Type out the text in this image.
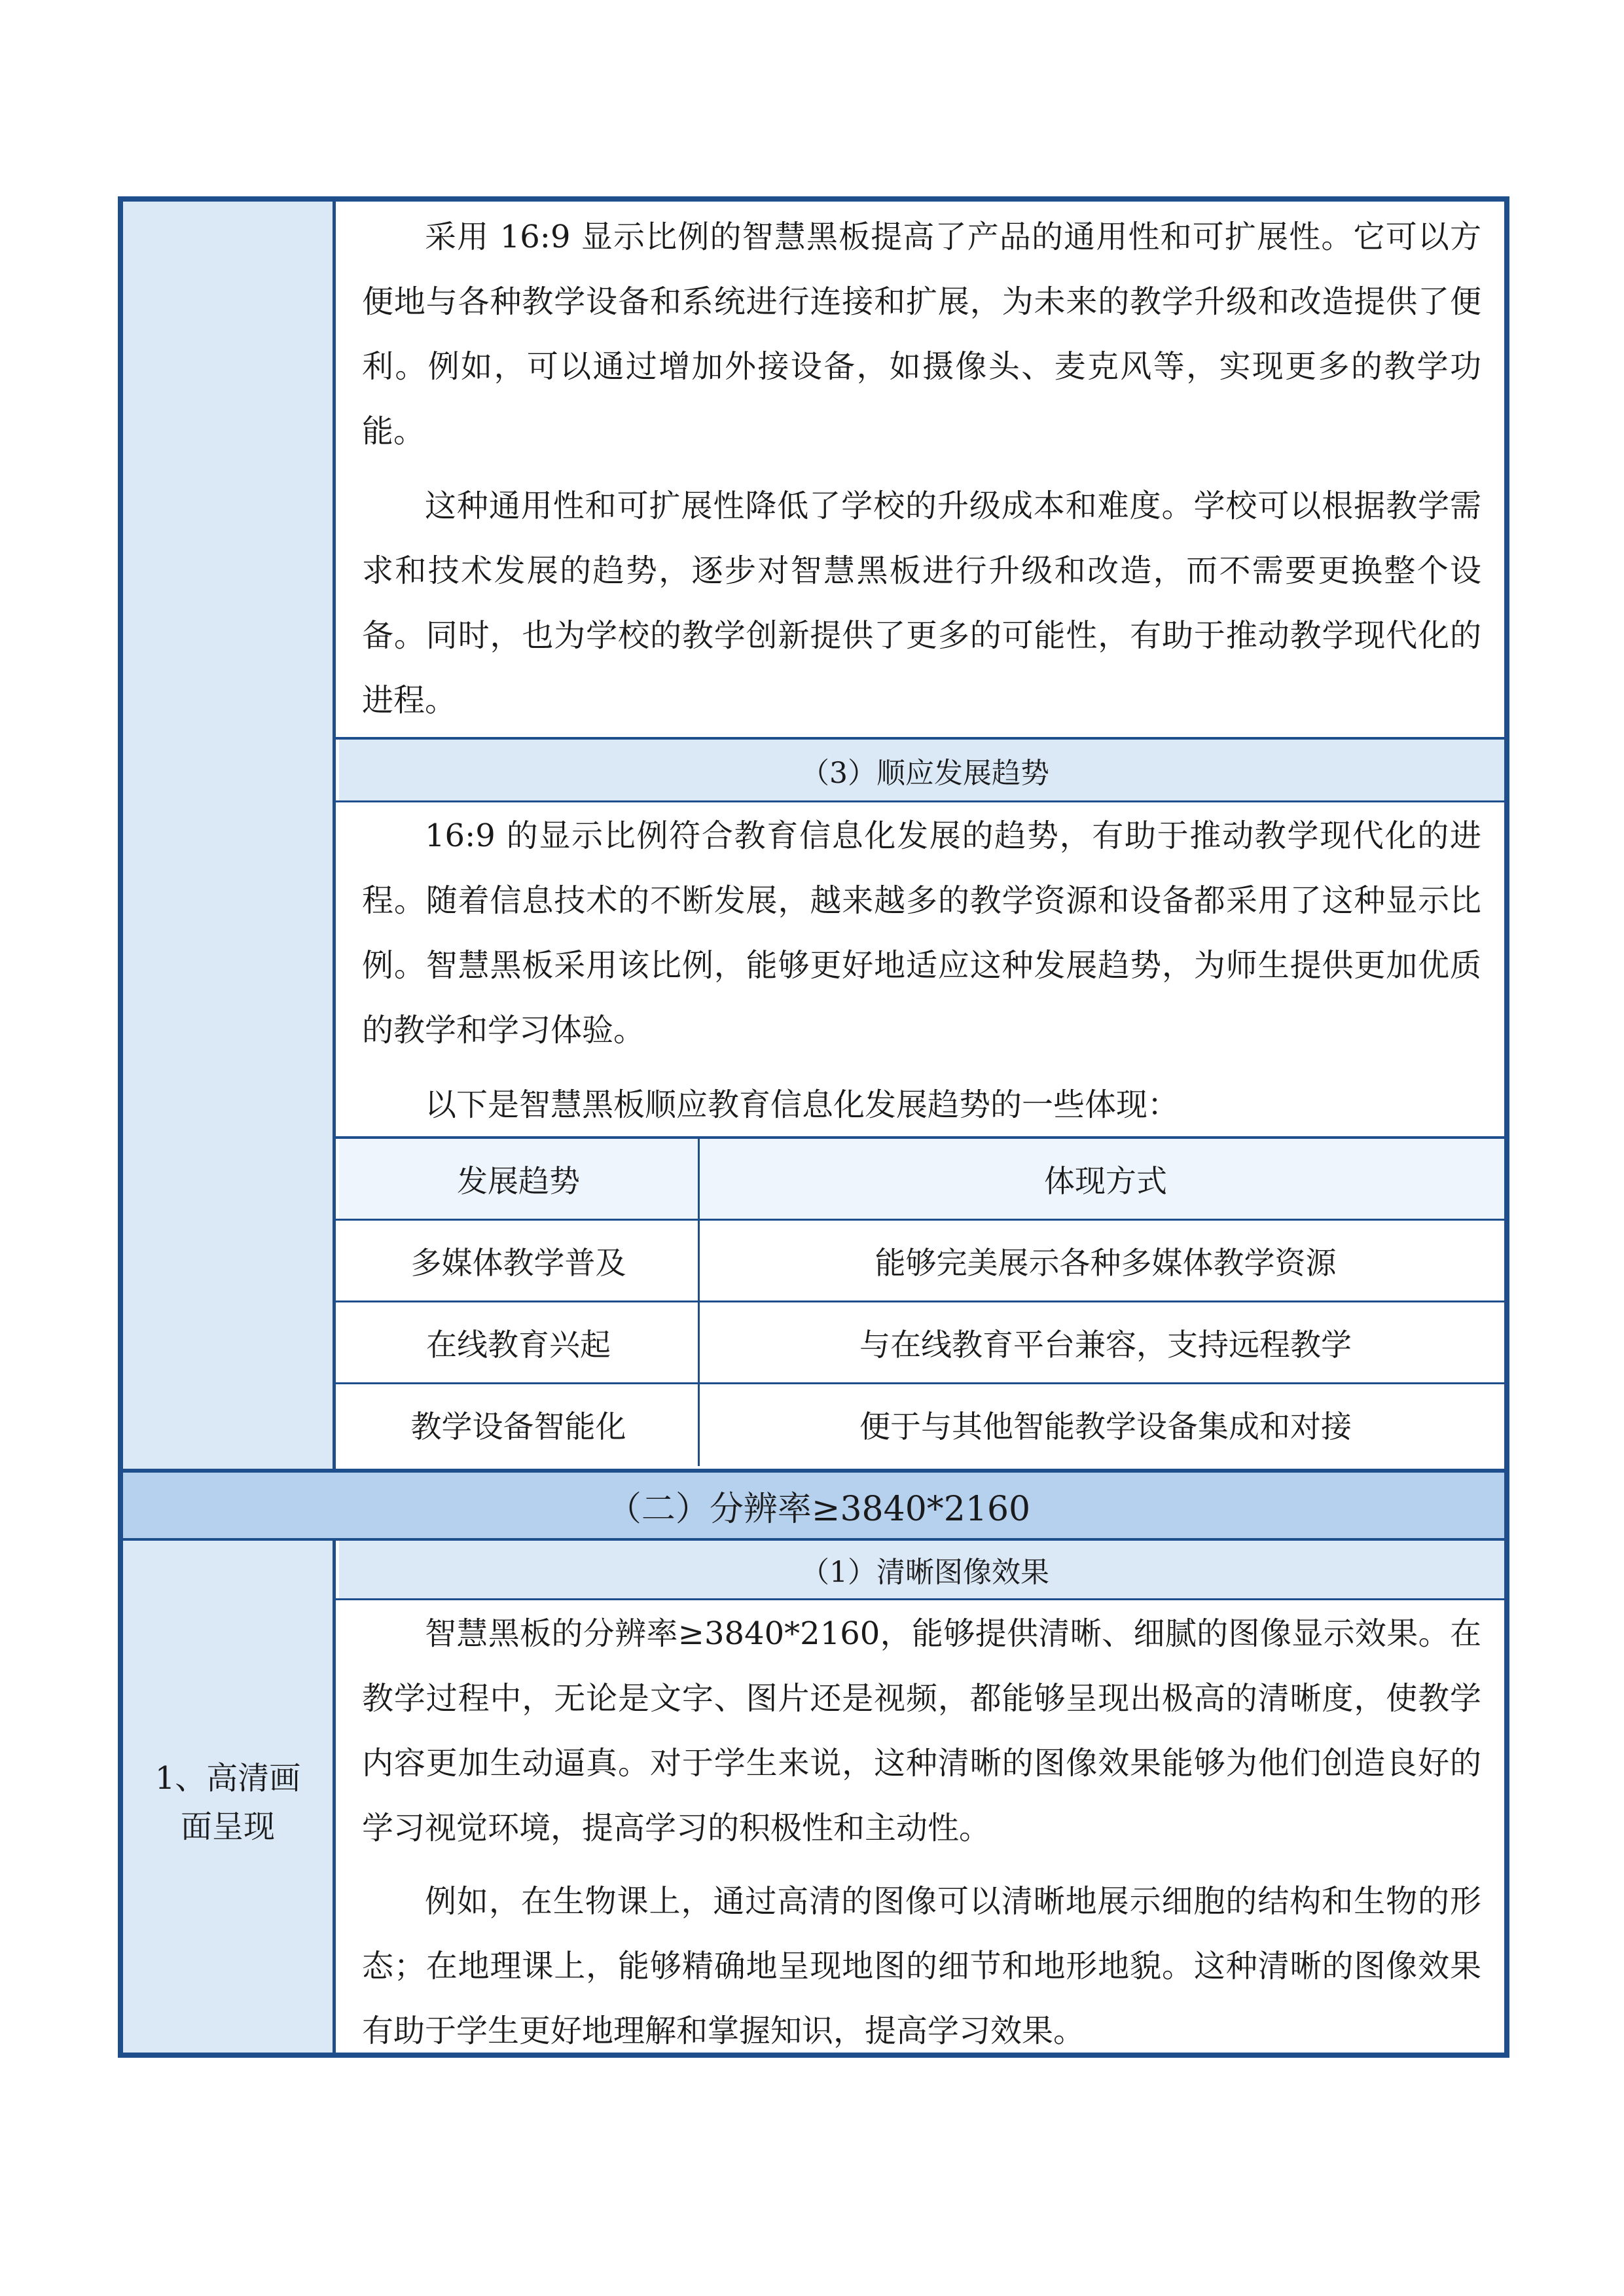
采用 16:9 显示比例的智慧黑板提高了产品的通用性和可扩展性。它可以方便地与各种教学设备和系统进行连接和扩展，为未来的教学升级和改造提供了便利。例如，可以通过增加外接设备，如摄像头、麦克风等，实现更多的教学功能。

这种通用性和可扩展性降低了学校的升级成本和难度。学校可以根据教学需求和技术发展的趋势，逐步对智慧黑板进行升级和改造，而不需要更换整个设备。同时，也为学校的教学创新提供了更多的可能性，有助于推动教学现代化的进程。

（3）顺应发展趋势

16:9 的显示比例符合教育信息化发展的趋势，有助于推动教学现代化的进程。随着信息技术的不断发展，越来越多的教学资源和设备都采用了这种显示比例。智慧黑板采用该比例，能够更好地适应这种发展趋势，为师生提供更加优质的教学和学习体验。

以下是智慧黑板顺应教育信息化发展趋势的一些体现：

发展趋势	体现方式
多媒体教学普及	能够完美展示各种多媒体教学资源
在线教育兴起	与在线教育平台兼容，支持远程教学
教学设备智能化	便于与其他智能教学设备集成和对接
（二）分辨率≥3840*2160
1、高清画
面呈现
（1）清晰图像效果

智慧黑板的分辨率≥3840*2160，能够提供清晰、细腻的图像显示效果。在教学过程中，无论是文字、图片还是视频，都能够呈现出极高的清晰度，使教学内容更加生动逼真。对于学生来说，这种清晰的图像效果能够为他们创造良好的学习视觉环境，提高学习的积极性和主动性。

例如，在生物课上，通过高清的图像可以清晰地展示细胞的结构和生物的形态；在地理课上，能够精确地呈现地图的细节和地形地貌。这种清晰的图像效果有助于学生更好地理解和掌握知识，提高学习效果。
